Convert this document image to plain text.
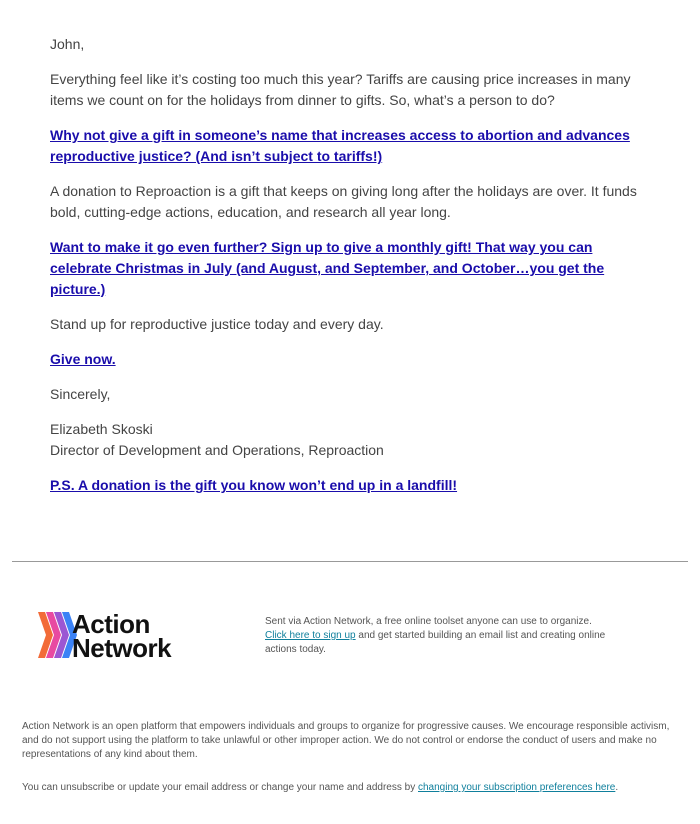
John,

Everything feel like it’s costing too much this year? Tariffs are causing price increases in many items we count on for the holidays from dinner to gifts. So, what’s a person to do?

Why not give a gift in someone’s name that increases access to abortion and advances reproductive justice? (And isn’t subject to tariffs!)

A donation to Reproaction is a gift that keeps on giving long after the holidays are over. It funds bold, cutting-edge actions, education, and research all year long.

Want to make it go even further? Sign up to give a monthly gift! That way you can celebrate Christmas in July (and August, and September, and October…you get the picture.)

Stand up for reproductive justice today and every day.

Give now.

Sincerely,

Elizabeth Skoski

Director of Development and Operations, Reproaction

P.S. A donation is the gift you know won’t end up in a landfill!

Action
Network
Sent via Action Network, a free online toolset anyone can use to organize.
Click here to sign up and get started building an email list and creating online actions today.
Action Network is an open platform that empowers individuals and groups to organize for progressive causes. We encourage responsible activism, and do not support using the platform to take unlawful or other improper action. We do not control or endorse the conduct of users and make no representations of any kind about them.
You can unsubscribe or update your email address or change your name and address by changing your subscription preferences here.
